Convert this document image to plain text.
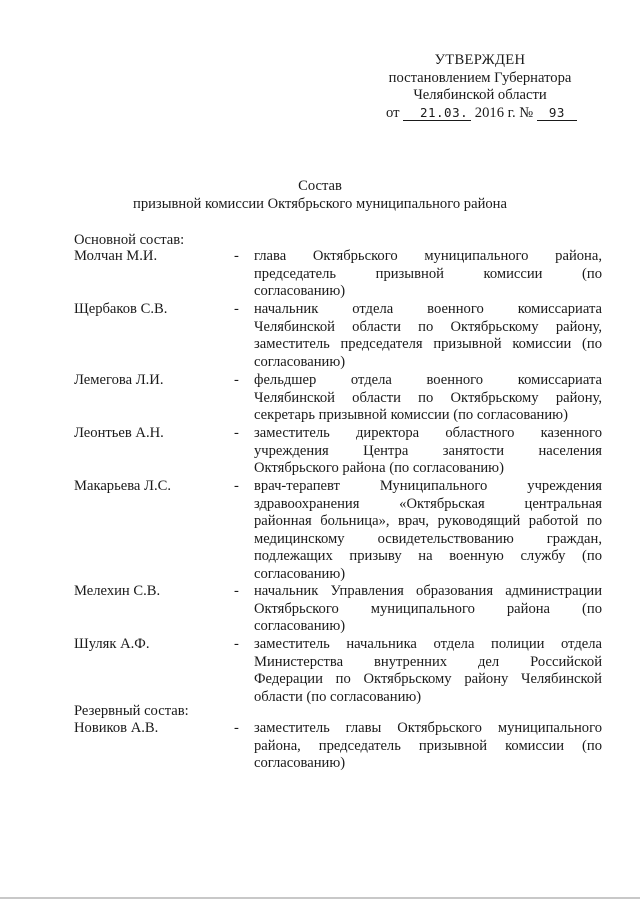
УТВЕРЖДЕН
постановлением Губернатора
Челябинской области
от 21.03. 2016 г. № 93
Состав
призывной комиссии Октябрьского муниципального района
Основной состав:
Молчан М.И.	- глава Октябрьского муниципального района,
председатель призывной комиссии (по
согласованию)
Щербаков С.В.	- начальник отдела военного комиссариата
Челябинской области по Октябрьскому району,
заместитель председателя призывной комиссии (по
согласованию)
Лемегова Л.И.	- фельдшер отдела военного комиссариата
Челябинской области по Октябрьскому району,
секретарь призывной комиссии (по согласованию)
Леонтьев А.Н.	- заместитель директора областного казенного
учреждения Центра занятости населения
Октябрьского района (по согласованию)
Макарьева Л.С.	- врач-терапевт Муниципального учреждения
здравоохранения «Октябрьская центральная
районная больница», врач, руководящий работой по
медицинскому освидетельствованию граждан,
подлежащих призыву на военную службу (по
согласованию)
Мелехин С.В.	- начальник Управления образования администрации
Октябрьского муниципального района (по
согласованию)
Шуляк А.Ф.	- заместитель начальника отдела полиции отдела
Министерства внутренних дел Российской
Федерации по Октябрьскому району Челябинской
области (по согласованию)
Резервный состав:
Новиков А.В.	- заместитель главы Октябрьского муниципального
района, председатель призывной комиссии (по
согласованию)
